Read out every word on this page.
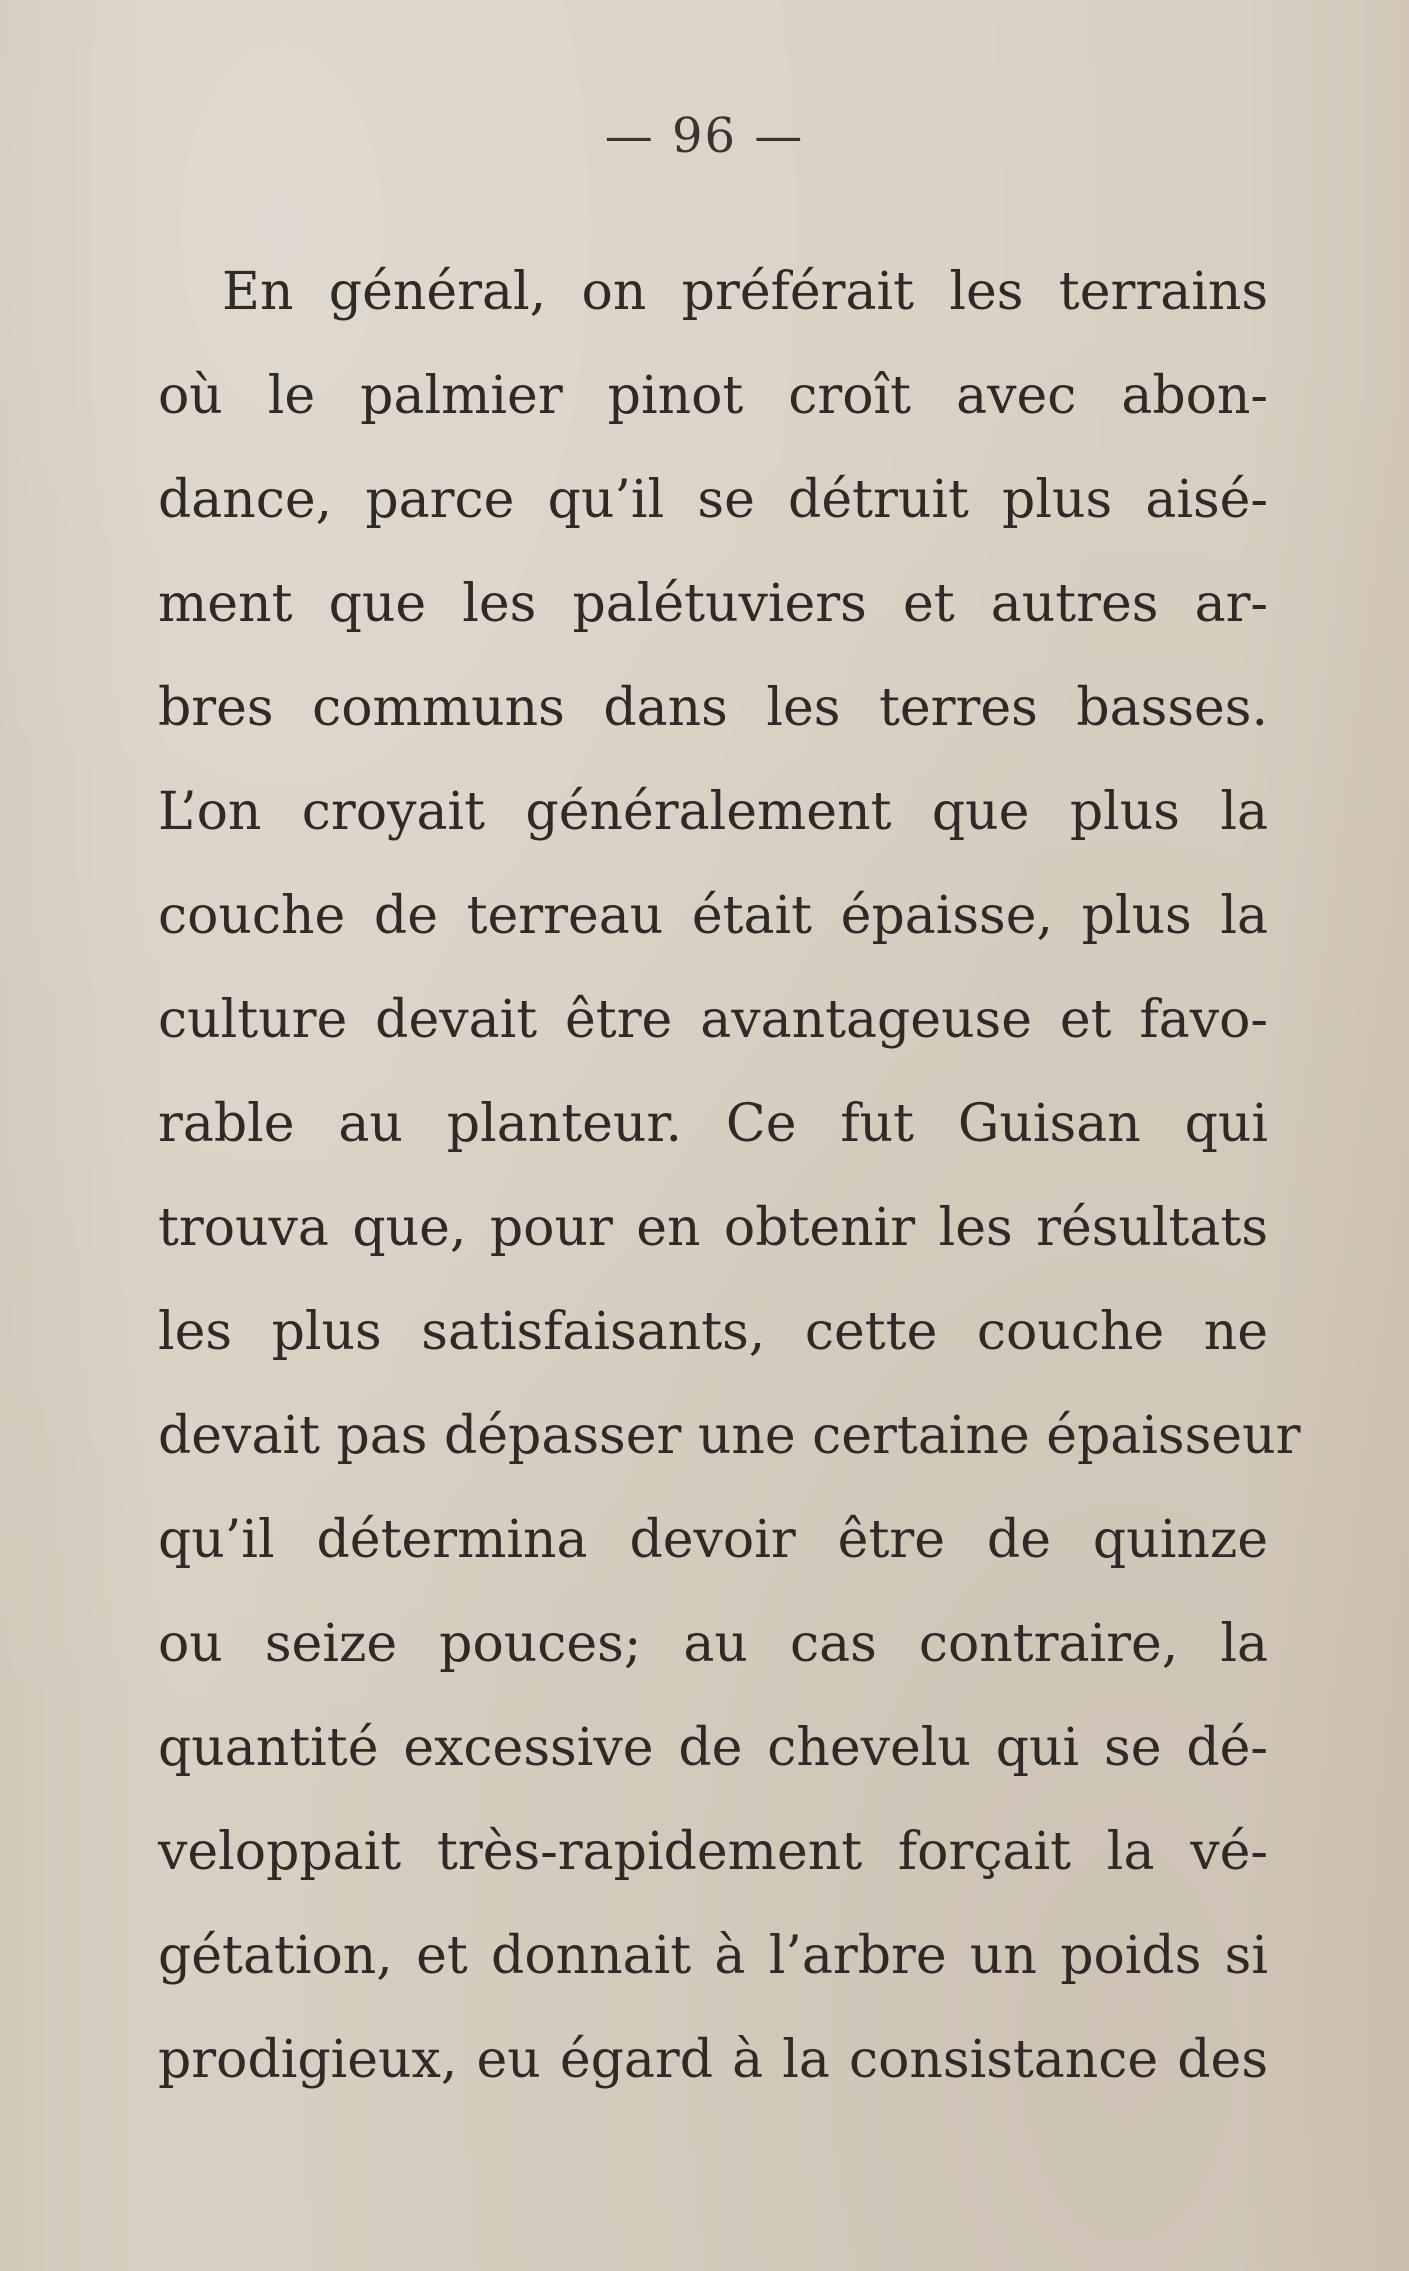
— 96 —
En général, on préférait les terrains
où le palmier pinot croît avec abon-
dance, parce qu’il se détruit plus aisé-
ment que les palétuviers et autres ar-
bres communs dans les terres basses.
L’on croyait généralement que plus la
couche de terreau était épaisse, plus la
culture devait être avantageuse et favo-
rable au planteur. Ce fut Guisan qui
trouva que, pour en obtenir les résultats
les plus satisfaisants, cette couche ne
devait pas dépasser une certaine épaisseur
qu’il détermina devoir être de quinze
ou seize pouces; au cas contraire, la
quantité excessive de chevelu qui se dé-
veloppait très-rapidement forçait la vé-
gétation, et donnait à l’arbre un poids si
prodigieux, eu égard à la consistance des
